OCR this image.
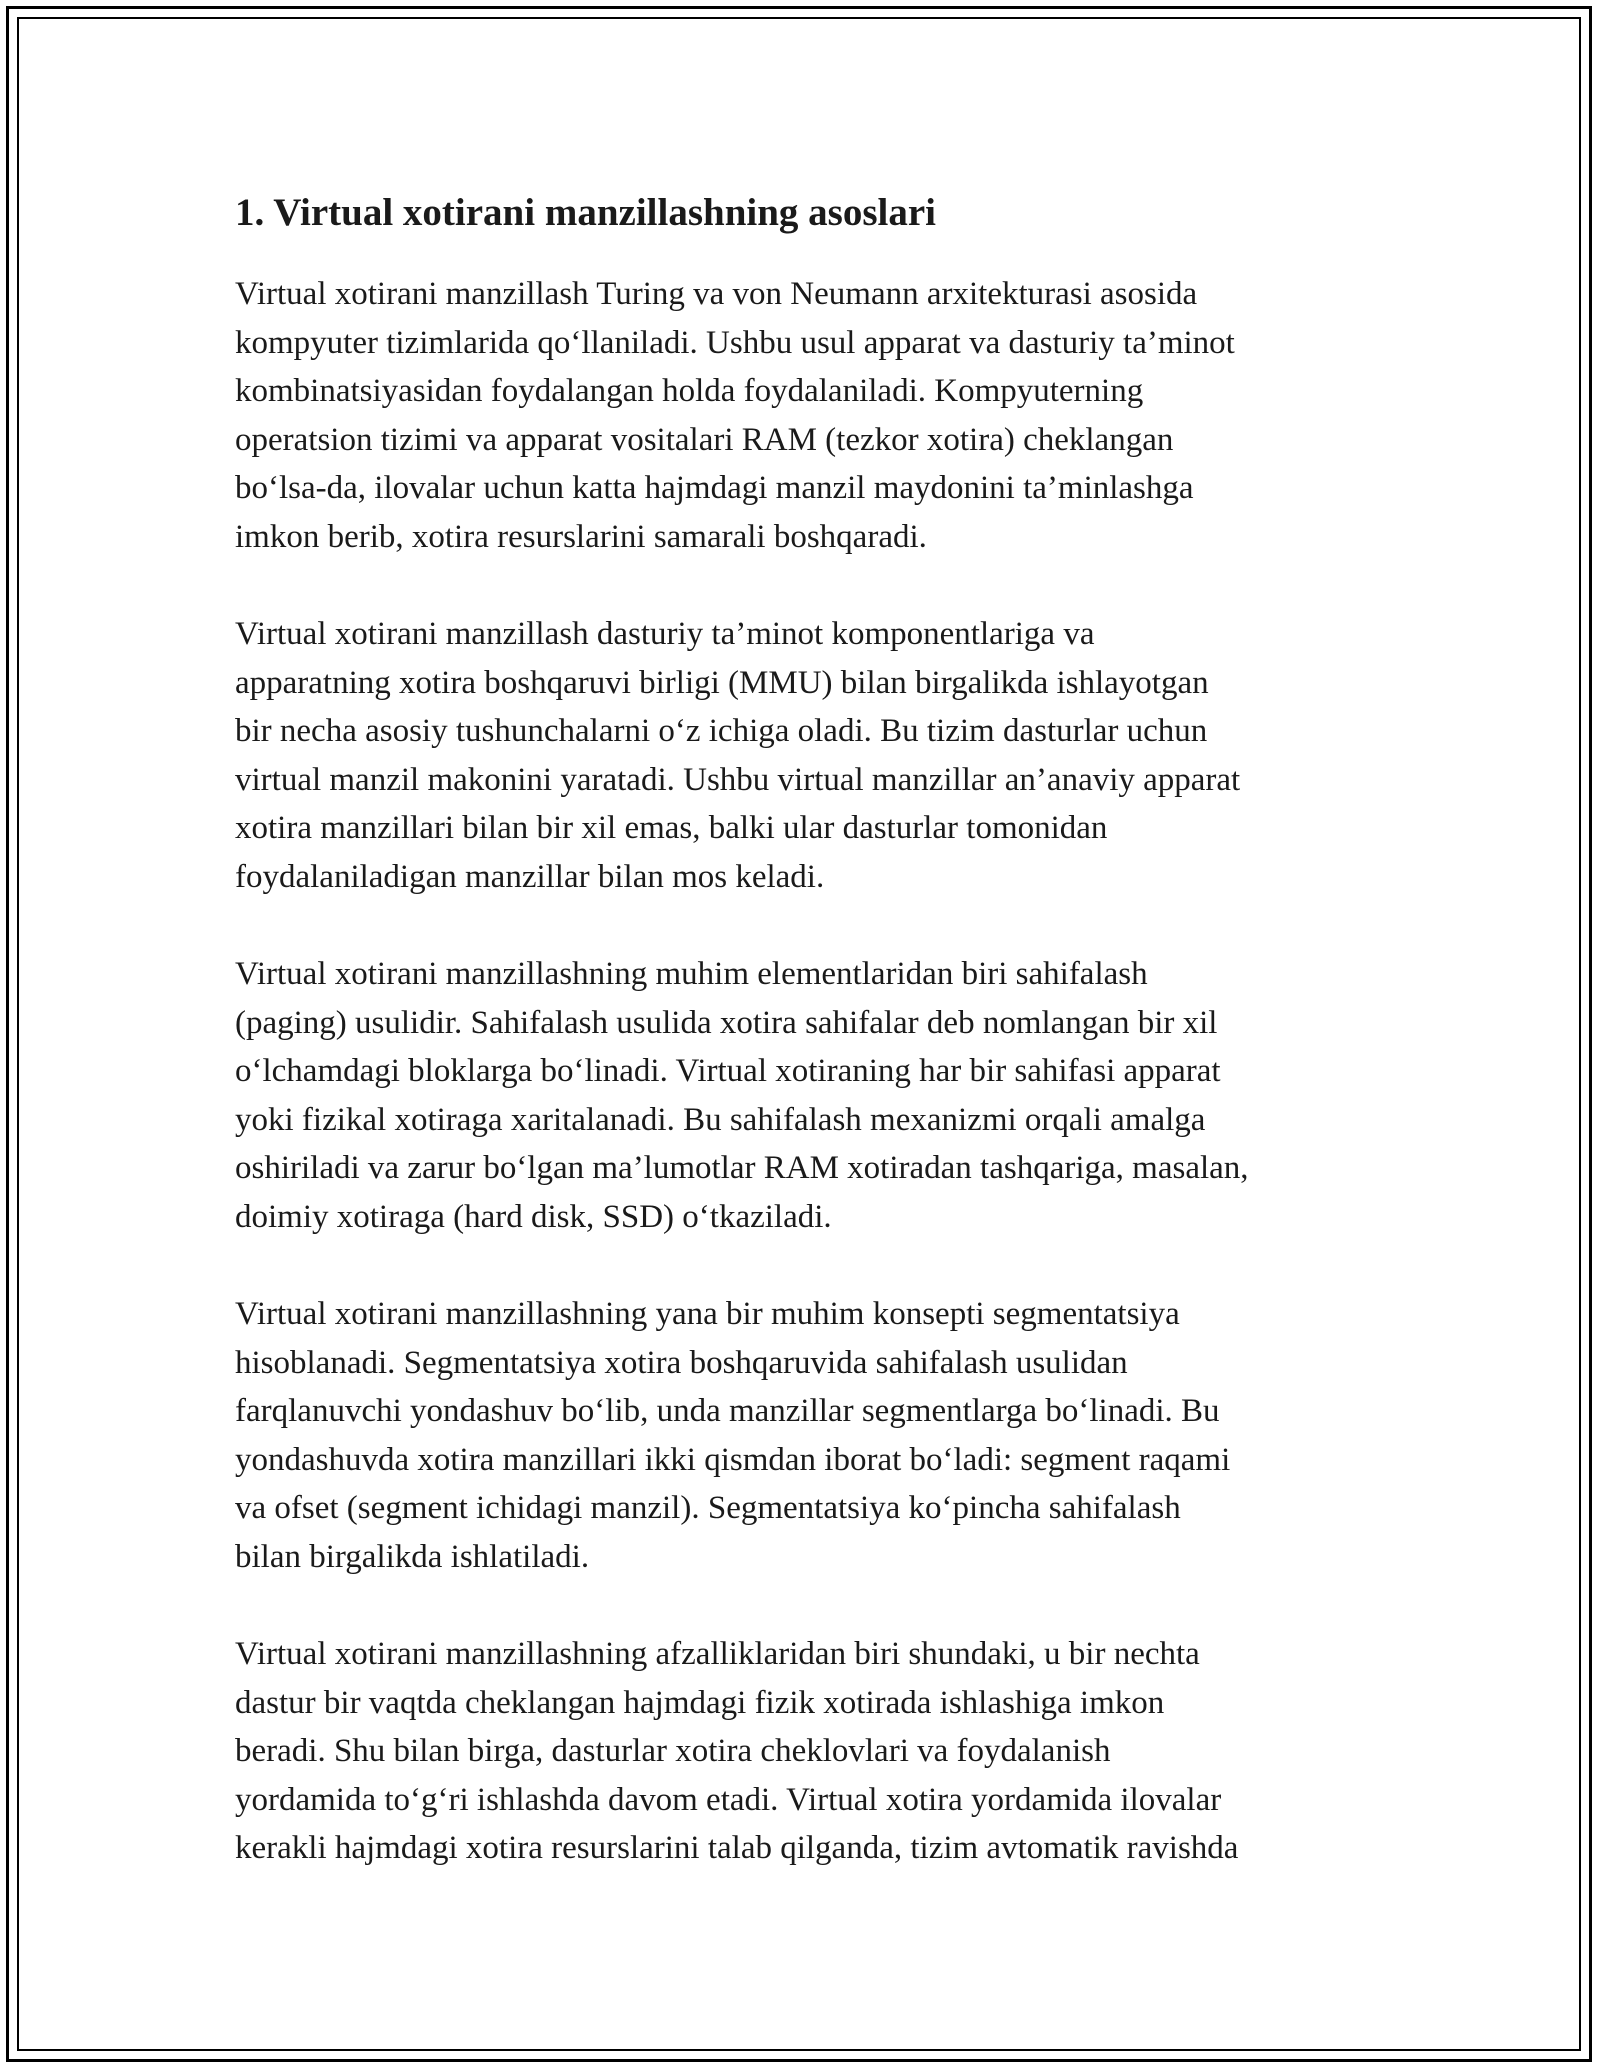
1. Virtual xotirani manzillashning asoslari

Virtual xotirani manzillash Turing va von Neumann arxitekturasi asosida
kompyuter tizimlarida qo‘llaniladi. Ushbu usul apparat va dasturiy ta’minot
kombinatsiyasidan foydalangan holda foydalaniladi. Kompyuterning
operatsion tizimi va apparat vositalari RAM (tezkor xotira) cheklangan
bo‘lsa-da, ilovalar uchun katta hajmdagi manzil maydonini ta’minlashga
imkon berib, xotira resurslarini samarali boshqaradi.

Virtual xotirani manzillash dasturiy ta’minot komponentlariga va
apparatning xotira boshqaruvi birligi (MMU) bilan birgalikda ishlayotgan
bir necha asosiy tushunchalarni o‘z ichiga oladi. Bu tizim dasturlar uchun
virtual manzil makonini yaratadi. Ushbu virtual manzillar an’anaviy apparat
xotira manzillari bilan bir xil emas, balki ular dasturlar tomonidan
foydalaniladigan manzillar bilan mos keladi.

Virtual xotirani manzillashning muhim elementlaridan biri sahifalash
(paging) usulidir. Sahifalash usulida xotira sahifalar deb nomlangan bir xil
o‘lchamdagi bloklarga bo‘linadi. Virtual xotiraning har bir sahifasi apparat
yoki fizikal xotiraga xaritalanadi. Bu sahifalash mexanizmi orqali amalga
oshiriladi va zarur bo‘lgan ma’lumotlar RAM xotiradan tashqariga, masalan,
doimiy xotiraga (hard disk, SSD) o‘tkaziladi.

Virtual xotirani manzillashning yana bir muhim konsepti segmentatsiya
hisoblanadi. Segmentatsiya xotira boshqaruvida sahifalash usulidan
farqlanuvchi yondashuv bo‘lib, unda manzillar segmentlarga bo‘linadi. Bu
yondashuvda xotira manzillari ikki qismdan iborat bo‘ladi: segment raqami
va ofset (segment ichidagi manzil). Segmentatsiya ko‘pincha sahifalash
bilan birgalikda ishlatiladi.

Virtual xotirani manzillashning afzalliklaridan biri shundaki, u bir nechta
dastur bir vaqtda cheklangan hajmdagi fizik xotirada ishlashiga imkon
beradi. Shu bilan birga, dasturlar xotira cheklovlari va foydalanish
yordamida to‘g‘ri ishlashda davom etadi. Virtual xotira yordamida ilovalar
kerakli hajmdagi xotira resurslarini talab qilganda, tizim avtomatik ravishda
